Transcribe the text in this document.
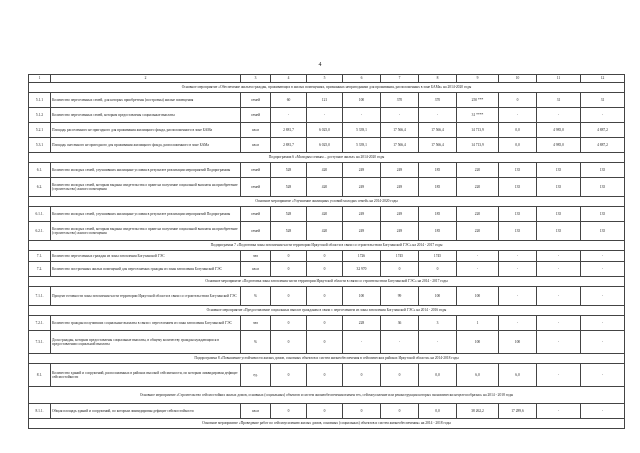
4
1	2	3	4	5	6	7	8	9	10	11	12
Основное мероприятие «Обеспечение жильем граждан, проживающих в жилых помещениях, признанных непригодными для проживания, расположенных в зоне БАМа» на 2014-2020 годы											
5.1.1	Количество переселенных семей, для которых приобретены (построены) жилые помещения	семей	60	121	100	370	370	250 ***	0	31	31
5.1.2	Количество переселенных семей, которым предоставлены социальные выплаты	семей	-	-	-	-	-	31 ****	-	-	-
5.2.1	Площадь расселенного не пригодного для проживания жилищного фонда, расположенного в зоне БАМа	кв.м	2 881,7	6 025,0	5 339,1	17 566,4	17 566,4	14 713,9	0,0	4 985,0	4 887,2
5.3.1	Площадь снесенного не пригодного для проживания жилищного фонда, расположенного в зоне БАМа	кв.м	2 881,7	6 025,0	5 339,1	17 566,4	17 566,4	14 713,9	0,0	4 985,0	4 887,2
Подпрограмма 6 «Молодым семьям – доступное жилье» на 2014-2020 годы											
6.1.	Количество молодых семей, улучшивших жилищные условия в результате реализации мероприятий Подпрограммы	семей	528	420	249	249	185	220	135	135	135
6.2.	Количество молодых семей, которым выданы свидетельства о праве на получение социальной выплаты на приобретение (строительство) жилого помещения	семей	528	420	249	249	185	220	135	135	135
Основное мероприятие «Улучшение жилищных условий молодых семей» на 2014-2020 годы											
6.1.1.	Количество молодых семей, улучшивших жилищные условия в результате реализации мероприятий Подпрограммы	семей	528	420	249	249	185	220	135	135	135
6.2.1.	Количество молодых семей, которым выданы свидетельства о праве на получение социальной выплаты на приобретение (строительство) жилого помещения	семей	528	420	249	249	185	220	135	135	135
Подпрограмма 7 «Подготовка зоны затопления части территории Иркутской области в связи со строительством Богучанской ГЭС» на 2014 - 2017 годы											
7.1.	Количество переселенных граждан из зоны затопления Богучанской ГЭС	чел	0	0	1726	1745	1745	-	-	-	-
7.2.	Количество построенных жилых помещений для переселяемых граждан из зоны затопления Богучанской ГЭС	кв.м	0	0	32 970	0	0	-	-	-	-
Основное мероприятие «Подготовка зоны затопления части территории Иркутской области в связи со строительством Богучанской ГЭС» на 2014 - 2017 годы											
7.1.1.	Процент готовности зоны затопления части территории Иркутской области в связи со строительством Богучанской ГЭС	%	0	0	100	99	100	100	-	-	-
Основное мероприятие «Предоставление социальных выплат гражданам в связи с переселением из зоны затопления Богучанской ГЭС» на 2014 - 2016 годы											
7.2.1.	Количество граждан получивших социальные выплаты в связи с переселением из зоны затопления Богучанской ГЭС	чел	0	0	228	36	3	1	-	-	-
7.3.1.	Доля граждан, которым предоставлены социальные выплаты, в общему количеству граждан нуждающихся в предоставлении социальной выплаты	%	0	0	-	-	-	100	100	-	-
Подпрограмма 8 «Повышение устойчивости жилых домов, основных объектов и систем жизнеобеспечения в сейсмических районах Иркутской области» на 2014-2018 годы											
8.1.	Количество зданий и сооружений, расположенных в районах высокой сейсмичности, по которым ликвидирован дефицит сейсмостойкости	ед.	0	0	0	0	0,0	6,0	6,0	-	-
Основное мероприятие «Строительство сейсмостойких жилых домов, основных (социальных) объектов и систем жизнеобеспечения взамен тех, сейсмоусиление или реконструкция которых экономически нецелесообразно» на 2014 - 2018 годы											
8.1.1.	Общая площадь зданий и сооружений, по которым ликвидирован дефицит сейсмостойкости	кв.м	0	0	0	0	0,0	38 262,2	17 289,6	-	-
Основное мероприятие «Проведение работ по сейсмоусилению жилых домов, основных (социальных) объектов и систем жизнеобеспечения» на 2014 - 2018 годы											
